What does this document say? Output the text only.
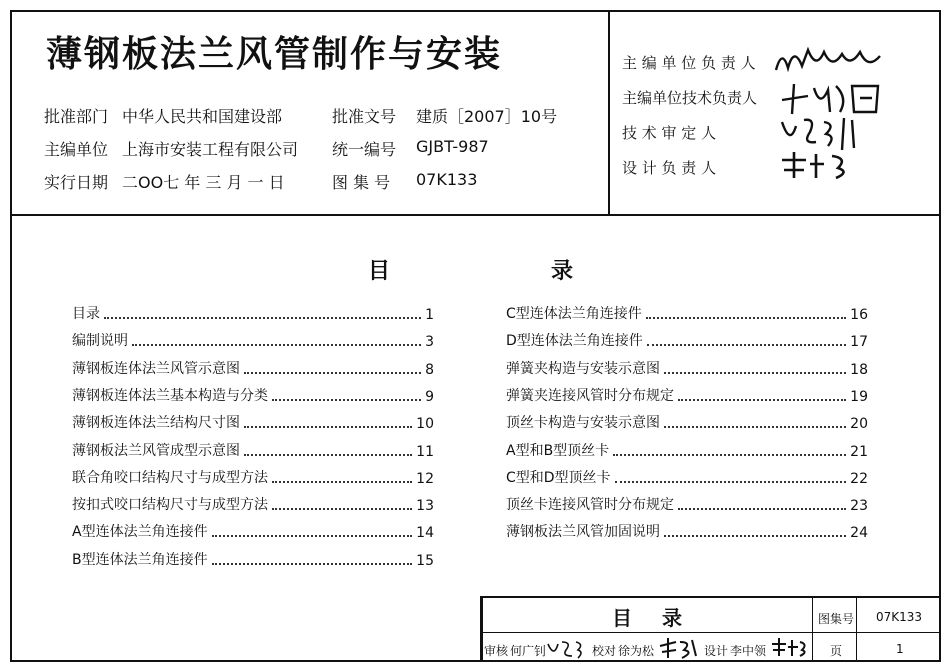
薄钢板法兰风管制作与安装
批准部门 中华人民共和国建设部	批准文号 建质［2007］10号
主编单位 上海市安装工程有限公司 统一编号 GJBT-987
实行日期 二OO七 年 三 月 一 日	图 集 号 07K133
主 编 单 位 负 责 人
主编单位技术负责人
技 术 审 定 人
设 计 负 责 人
目	录
目录	1
编制说明	3
薄钢板连体法兰风管示意图	8
薄钢板连体法兰基本构造与分类	9
薄钢板连体法兰结构尺寸图	10
薄钢板法兰风管成型示意图	11
联合角咬口结构尺寸与成型方法	12
按扣式咬口结构尺寸与成型方法	13
A型连体法兰角连接件	14
B型连体法兰角连接件	15
C型连体法兰角连接件	16
D型连体法兰角连接件	17
弹簧夹构造与安装示意图	18
弹簧夹连接风管时分布规定	19
顶丝卡构造与安装示意图	20
A型和B型顶丝卡	21
C型和D型顶丝卡	22
顶丝卡连接风管时分布规定	23
薄钢板法兰风管加固说明	24
目 录	图集号 07K133
页	1
审核 何广钊	校对 徐为松	设计 李中领
